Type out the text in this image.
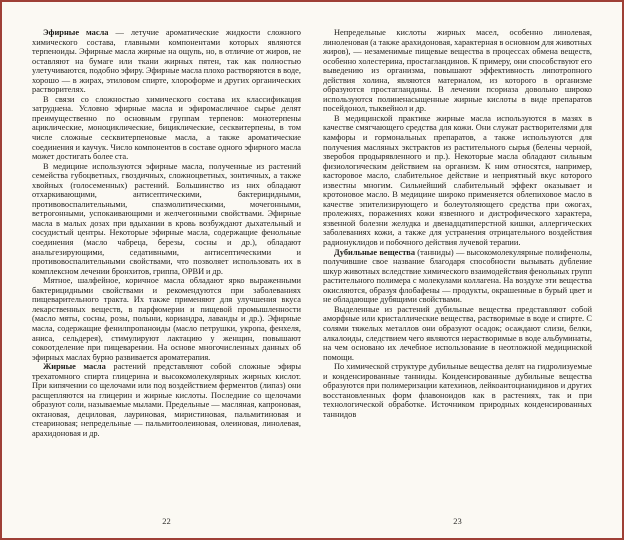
Эфирные масла — летучие ароматические жидкости сложного химического состава, главными компонентами которых являются терпеноиды. Эфирные масла жирные на ощупь, но, в отличие от жиров, не оставляют на бумаге или ткани жирных пятен, так как полностью улетучиваются, подобно эфиру. Эфирные масла плохо растворяются в воде, хорошо — в жирах, этиловом спирте, хлороформе и других органических растворителях.

В связи со сложностью химического состава их классификация затруднена. Условно эфирные масла и эфиромасличное сырье делят преимущественно по основным группам терпенов: монотерпены ациклические, моноциклические, бициклические, сесквитерпены, в том числе сложные сесквитерпеновые масла, а также ароматические соединения и каучук. Число компонентов в составе одного эфирного масла может достигать более ста.

В медицине используются эфирные масла, полученные из растений семейства губоцветных, гвоздичных, сложноцветных, зонтичных, а также хвойных (голосеменных) растений. Большинство из них обладают отхаркивающими, антисептическими, бактерицидными, противовоспалительными, спазмолитическими, мочегонными, ветрогонными, успокаивающими и желчегонными свойствами. Эфирные масла в малых дозах при вдыхании в кровь возбуждают дыхательный и сосудистый центры. Некоторые эфирные масла, содержащие фенольные соединения (масло чабреца, березы, сосны и др.), обладают анальгезирующими, седативными, антисептическими и противовоспалительными свойствами, что позволяет использовать их в комплексном лечении бронхитов, гриппа, ОРВИ и др.

Мятное, шалфейное, коричное масла обладают ярко выраженными бактерицидными свойствами и рекомендуются при заболеваниях пищеварительного тракта. Их также применяют для улучшения вкуса лекарственных веществ, в парфюмерии и пищевой промышленности (масло мяты, сосны, розы, полыни, кориандра, лаванды и др.). Эфирные масла, содержащие фенилпропаноиды (масло петрушки, укропа, фенхеля, аниса, сельдерея), стимулируют лактацию у женщин, повышают сокоотделение при пищеварении. На основе многочисленных данных об эфирных маслах бурно развивается ароматерапия.

Жирные масла растений представляют собой сложные эфиры трехатомного спирта глицерина и высокомолекулярных жирных кислот. При кипячении со щелочами или под воздействием ферментов (липаз) они расщепляются на глицерин и жирные кислоты. Последние со щелочами образуют соли, называемые мылами. Предельные — масляная, капроновая, октановая, дециловая, лауриновая, миристиновая, пальмитиновая и стеариновая; непредельные — пальмитоолеиновая, олеиновая, линолевая, арахидоновая и др.

22

Непредельные кислоты жирных масел, особенно линолевая, линоленовая (а также арахидоновая, характерная в основном для животных жиров), — незаменимые пищевые вещества в процессах обмена веществ, особенно холестерина, простагландинов. К примеру, они способствуют его выведению из организма, повышают эффективность липотропного действия холина, являются материалом, из которого в организме образуются простагландины. В лечении псориаза довольно широко используются полиненасыщенные жирные кислоты в виде препаратов посейдонол, тыквейнол и др.

В медицинской практике жирные масла используются в мазях в качестве смягчающего средства для кожи. Они служат растворителями для камфоры и гормональных препаратов, а также используются для получения масляных экстрактов из растительного сырья (белены черной, зверобоя продырявленного и пр.). Некоторые масла обладают сильным физиологическим действием на организм. К ним относятся, например, касторовое масло, слабительное действие и неприятный вкус которого известны многим. Сильнейший слабительный эффект оказывает и кротоновое масло. В медицине широко применяется облепиховое масло в качестве эпителизирующего и болеутоляющего средства при ожогах, пролежнях, поражениях кожи язвенного и дистрофического характера, язвенной болезни желудка и двенадцатиперстной кишки, аллергических заболеваниях кожи, а также для устранения отрицательного воздействия радионуклидов и побочного действия лучевой терапии.

Дубильные вещества (танниды) — высокомолекулярные полифенолы, получившие свое название благодаря способности вызывать дубление шкур животных вследствие химического взаимодействия фенольных групп растительного полимера с молекулами коллагена. На воздухе эти вещества окисляются, образуя флобафены — продукты, окрашенные в бурый цвет и не обладающие дубящими свойствами.

Выделенные из растений дубильные вещества представляют собой аморфные или кристаллические вещества, растворимые в воде и спирте. С солями тяжелых металлов они образуют осадок; осаждают слизи, белки, алкалоиды, следствием чего являются нерастворимые в воде альбуминаты, на чем основано их лечебное использование в неотложной медицинской помощи.

По химической структуре дубильные вещества делят на гидролизуемые и конденсированные танниды. Конденсированные дубильные вещества образуются при полимеризации катехинов, лейкоантоцианидинов и других восстановленных форм флавоноидов как в растениях, так и при технологической обработке. Источником природных конденсированных таннидов

23
